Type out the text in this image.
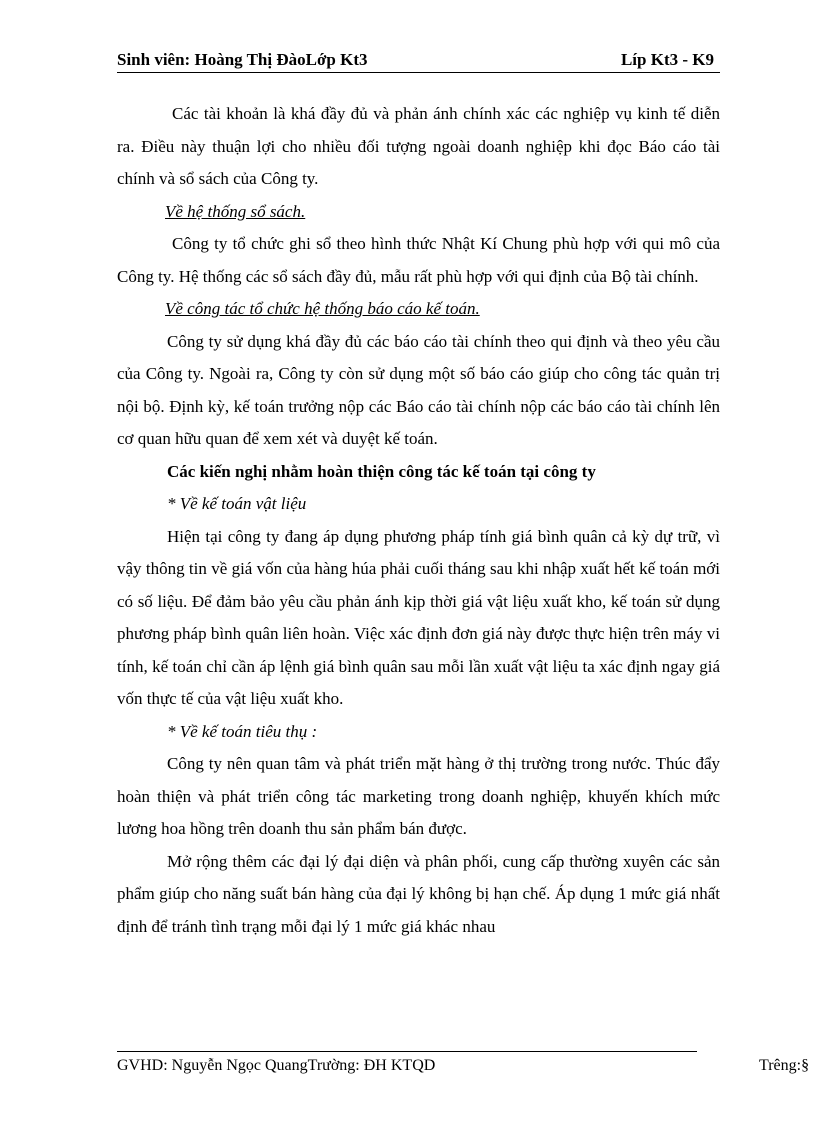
Sinh viên: Hoàng Thị ĐàoLớp Kt3	Líp Kt3 - K9

Các tài khoản là khá đầy đủ và phản ánh chính xác các nghiệp vụ kinh tế diễn ra. Điều này thuận lợi cho nhiều đối tượng ngoài doanh nghiệp khi đọc Báo cáo tài chính và sổ sách của Công ty.

Về hệ thống sổ sách.

Công ty tổ chức ghi sổ theo hình thức Nhật Kí Chung phù hợp với qui mô của Công ty. Hệ thống các sổ sách đầy đủ, mẫu rất phù hợp với qui định của Bộ tài chính.

Về công tác tổ chức hệ thống báo cáo kế toán.

Công ty sử dụng khá đầy đủ các báo cáo tài chính theo qui định và theo yêu cầu của Công ty. Ngoài ra, Công ty còn sử dụng một số báo cáo giúp cho công tác quản trị nội bộ. Định kỳ, kế toán trưởng nộp các Báo cáo tài chính nộp các báo cáo tài chính lên cơ quan hữu quan để xem xét và duyệt kế toán.

Các kiến nghị nhằm hoàn thiện công tác kế toán tại công ty
* Về kế toán vật liệu

Hiện tại công ty đang áp dụng phương pháp tính giá bình quân cả kỳ dự trữ, vì vậy thông tin về giá vốn của hàng húa phải cuối tháng sau khi nhập xuất hết kế toán mới có số liệu. Để đảm bảo yêu cầu phản ánh kịp thời giá vật liệu xuất kho, kế toán sử dụng phương pháp bình quân liên hoàn. Việc xác định đơn giá này được thực hiện trên máy vi tính, kế toán chỉ cần áp lệnh giá bình quân sau mỗi lần xuất vật liệu ta xác định ngay giá vốn thực tế của vật liệu xuất kho.

* Về kế toán tiêu thụ :

Công ty nên quan tâm và phát triển mặt hàng ở thị trường trong nước. Thúc đẩy hoàn thiện và phát triển công tác marketing trong doanh nghiệp, khuyến khích mức lương hoa hồng trên doanh thu sản phẩm bán được.

Mở rộng thêm các đại lý đại diện và phân phối, cung cấp thường xuyên các sản phẩm giúp cho năng suất bán hàng của đại lý không bị hạn chế. Áp dụng 1 mức giá nhất định để tránh tình trạng mỗi đại lý 1 mức giá khác nhau

GVHD: Nguyễn Ngọc QuangTrường: ĐH KTQD	Trêng:§
